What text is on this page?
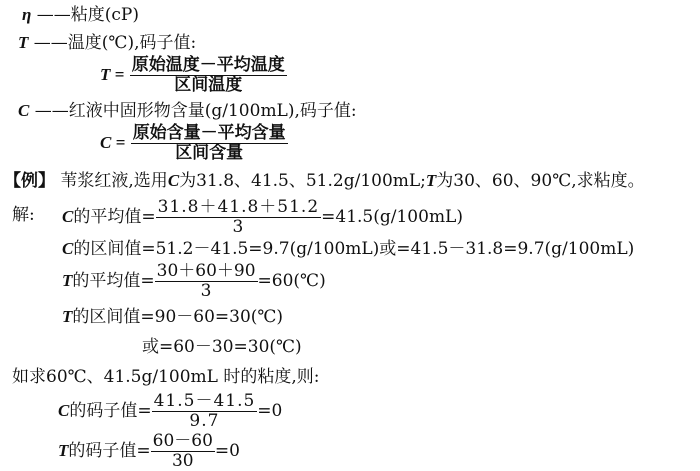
η ——粘度(cP)
T ——温度(℃),码子值:
$T = \frac{\text{原始温度－平均温度}}{\text{区间温度}}$
C ——红液中固形物含量(g/100mL),码子值:
$C = \frac{\text{原始含量－平均含量}}{\text{区间含量}}$
【例】 苇浆红液,选用C为31.8、41.5、51.2g/100mL;T为30、60、90℃,求粘度。
解: C的平均值= $\frac{31.8+41.8+51.2}{3} =41.5(g/100mL)$
C的区间值=51.2－41.5=9.7(g/100mL)或=41.5－31.8=9.7(g/100mL)
T的平均值= $\frac{30+60+90}{3}$ =60(℃)
T的区间值=90－60=30(℃)
或=60－30=30(℃)
如求60℃、41.5g/100mL 时的粘度,则:
C的码子值= $\frac{41.5-41.5}{9.7} =0$
T的码子值= $\frac{60-60}{30} =0$
